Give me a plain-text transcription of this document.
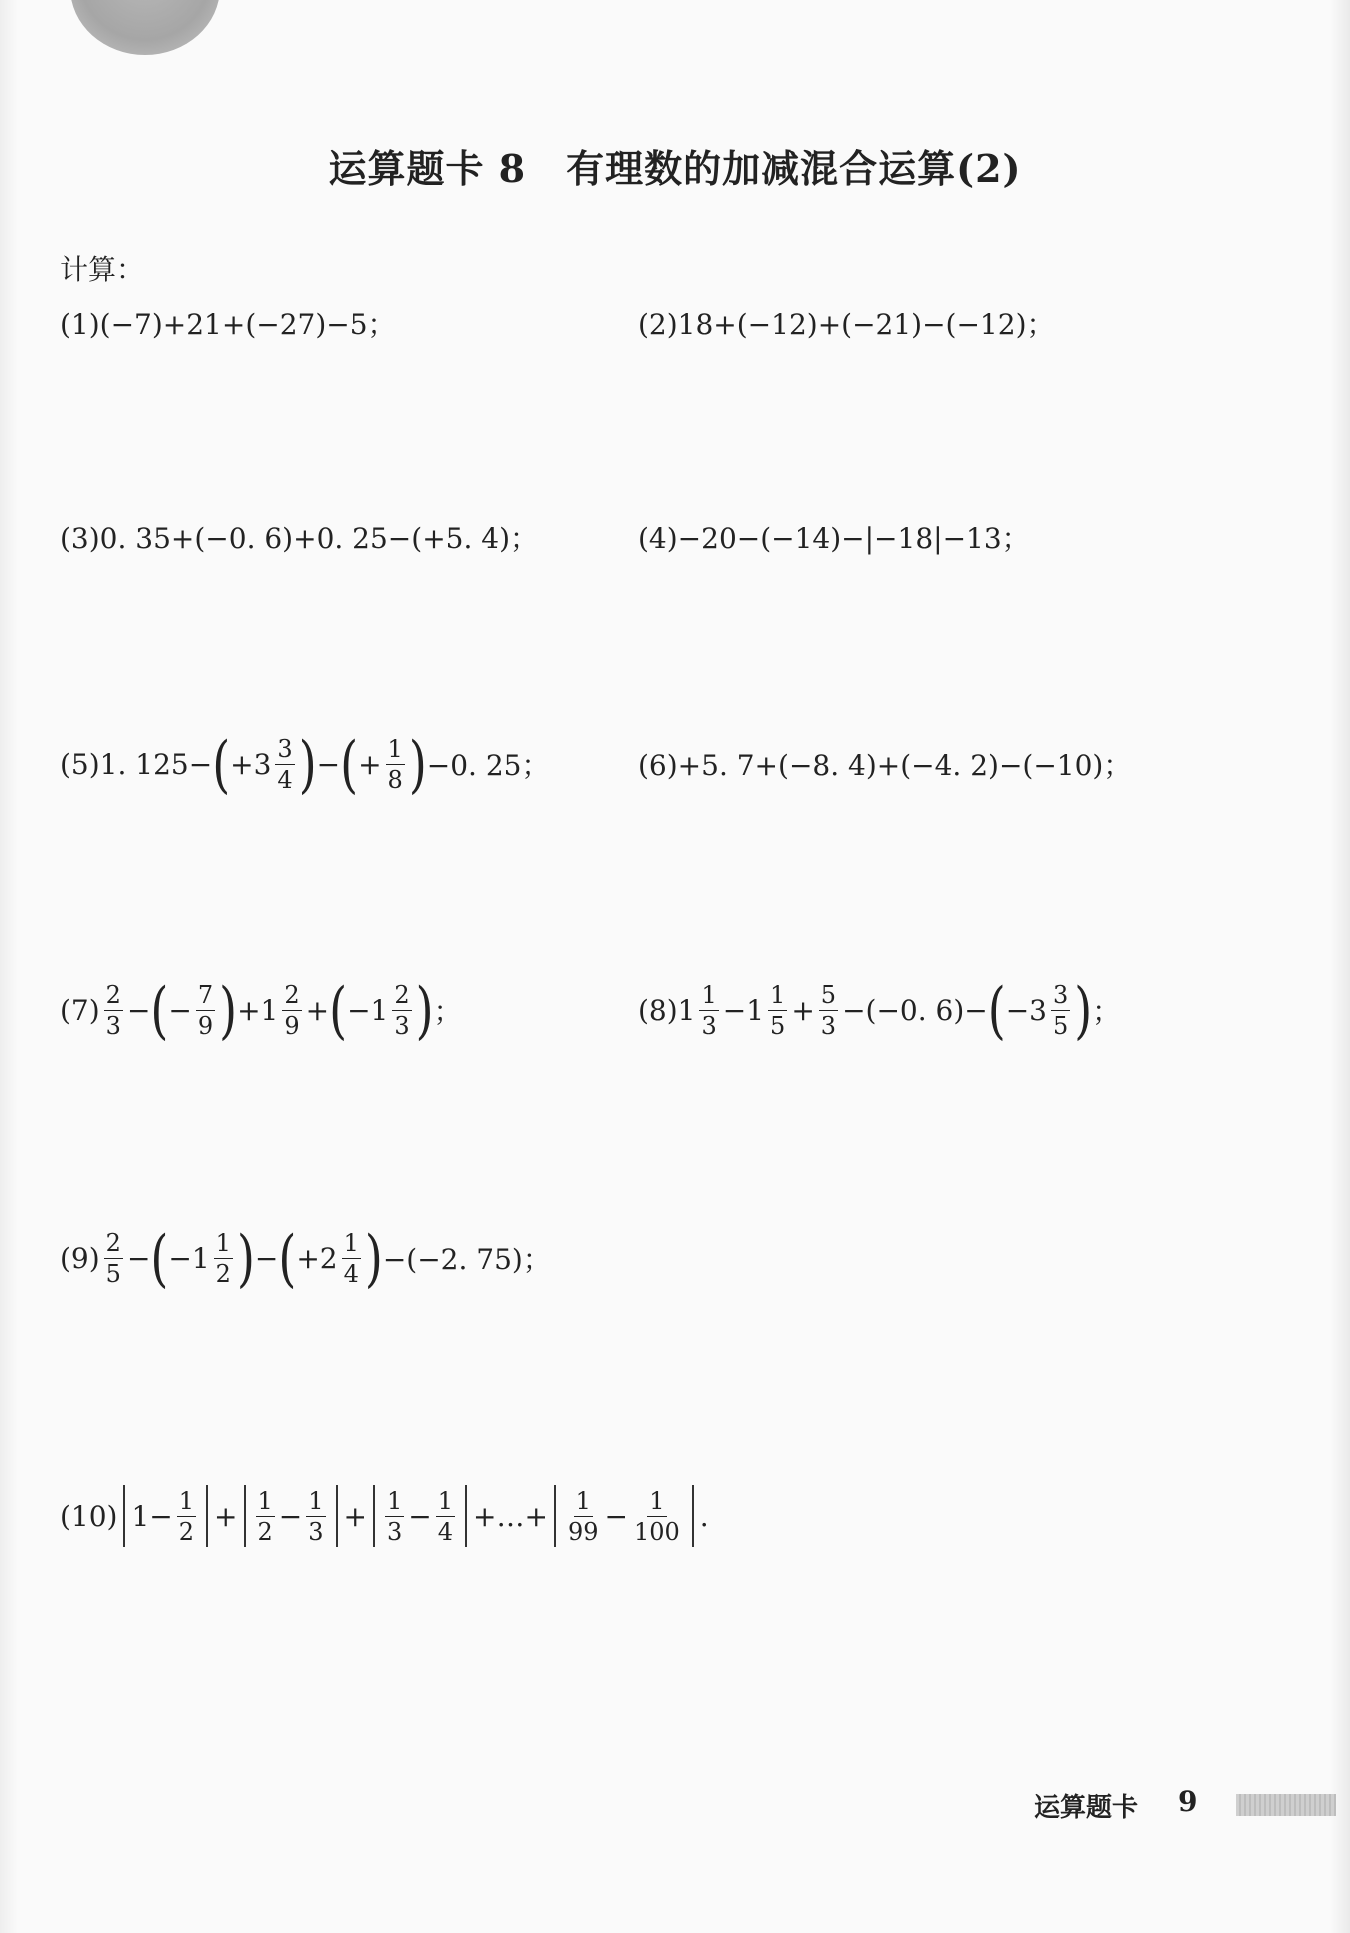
运算题卡 8 有理数的加减混合运算(2)
计算：
(1)(−7)+21+(−27)−5；	(2)18+(−12)+(−21)−(−12)；
(3)0. 35+(−0. 6)+0. 25−(+5. 4)；	(4)−20−(−14)−|−18|−13；
(5)1. 125− ( $+3 \frac{3}{4}$ ) − ( + $\frac{1}{8}$ ) −0. 25；	(6)+5. 7+(−8. 4)+(−4. 2)−(−10)；
$(7) \frac{2}{3}$ − ( − $\frac{7}{9}$ ) $+1 \frac{2}{9}$ + ( $-1 \frac{2}{3}$ ) ；	$(8)1 \frac{1}{3} -1 \frac{1}{5} + \frac{5}{3} -(-0$. 6)− ( $-3 \frac{3}{5}$ ) ；
$(9) \frac{2}{5}$ − ( $-1 \frac{1}{2}$ ) − ( $+2 \frac{1}{4}$ ) −(−2. 75)；
(10) $1- \frac{1}{2} + \frac{1}{2} - \frac{1}{3} + \frac{1}{3} - \frac{1}{4}$ +…+ $\frac{1}{99} - \frac{1}{100}$ .
运算题卡 9
